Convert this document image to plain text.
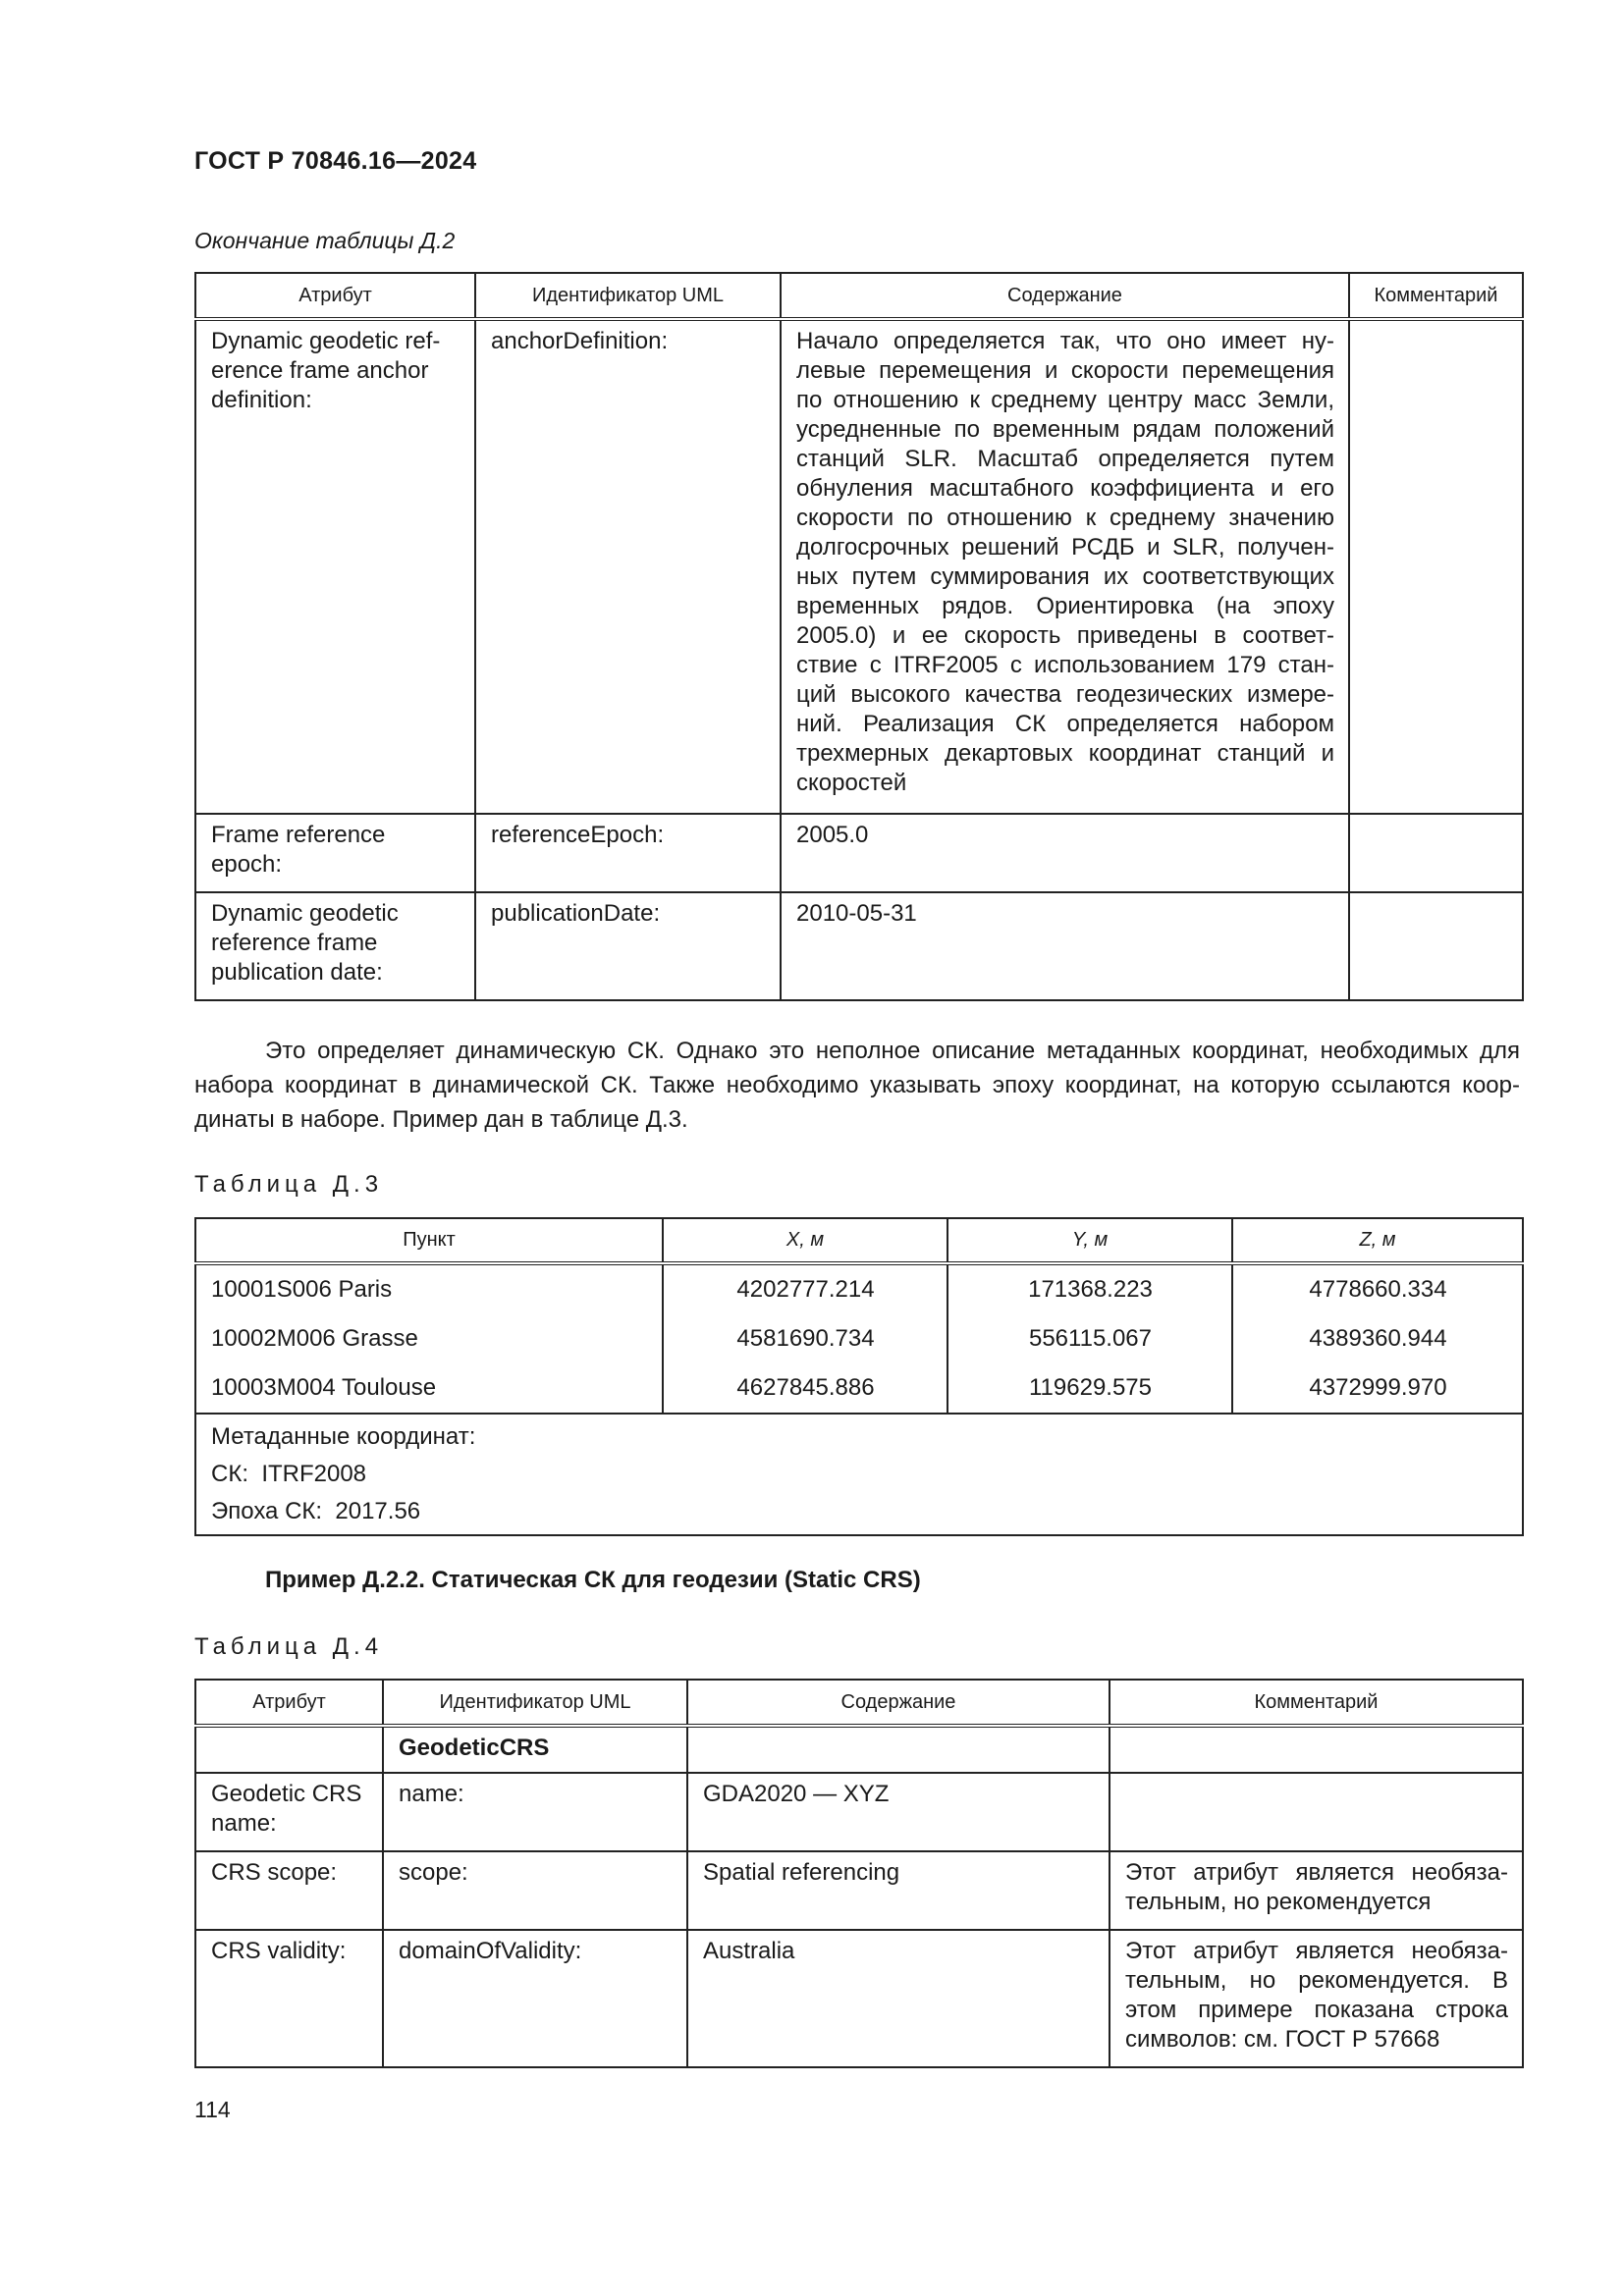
ГОСТ Р 70846.16—2024
Окончание таблицы Д.2
Атрибут	Идентификатор UML	Содержание	Комментарий
Dynamic geodetic ref-erence frame anchor definition:	anchorDefinition:	Начало определяется так, что оно имеет ну-левые перемещения и скорости перемещения по отношению к среднему центру масс Земли, усредненные по временным рядам положений станций SLR. Масштаб определяется путем обнуления масштабного коэффициента и его скорости по отношению к среднему значению долгосрочных решений РСДБ и SLR, получен-ных путем суммирования их соответствующих временных рядов. Ориентировка (на эпоху 2005.0) и ее скорость приведены в соответ-ствие с ITRF2005 с использованием 179 стан-ций высокого качества геодезических измере-ний. Реализация СК определяется набором трехмерных декартовых координат станций и скоростей	
Frame reference epoch:	referenceEpoch:	2005.0	
Dynamic geodetic reference frame publication date:	publicationDate:	2010-05-31	
Это определяет динамическую СК. Однако это неполное описание метаданных координат, необходимых для набора координат в динамической СК. Также необходимо указывать эпоху координат, на которую ссылаются коор-динаты в наборе. Пример дан в таблице Д.3.
Таблица Д.3
Пункт	X, м	Y, м	Z, м
10001S006 Paris	4202777.214	171368.223	4778660.334
10002M006 Grasse	4581690.734	556115.067	4389360.944
10003M004 Toulouse	4627845.886	119629.575	4372999.970

Метаданные координат:
СК:  ITRF2008
Эпоха СК:  2017.56			
Пример Д.2.2. Статическая СК для геодезии (Static CRS)
Таблица Д.4
Атрибут	Идентификатор UML	Содержание	Комментарий
	GeodeticCRS		
Geodetic CRS name:	name:	GDA2020 — XYZ	
CRS scope:	scope:	Spatial referencing	Этот атрибут является необяза-тельным, но рекомендуется
CRS validity:	domainOfValidity:	Australia	Этот атрибут является необяза-тельным, но рекомендуется. В этом примере показана строка символов: см. ГОСТ Р 57668
114
